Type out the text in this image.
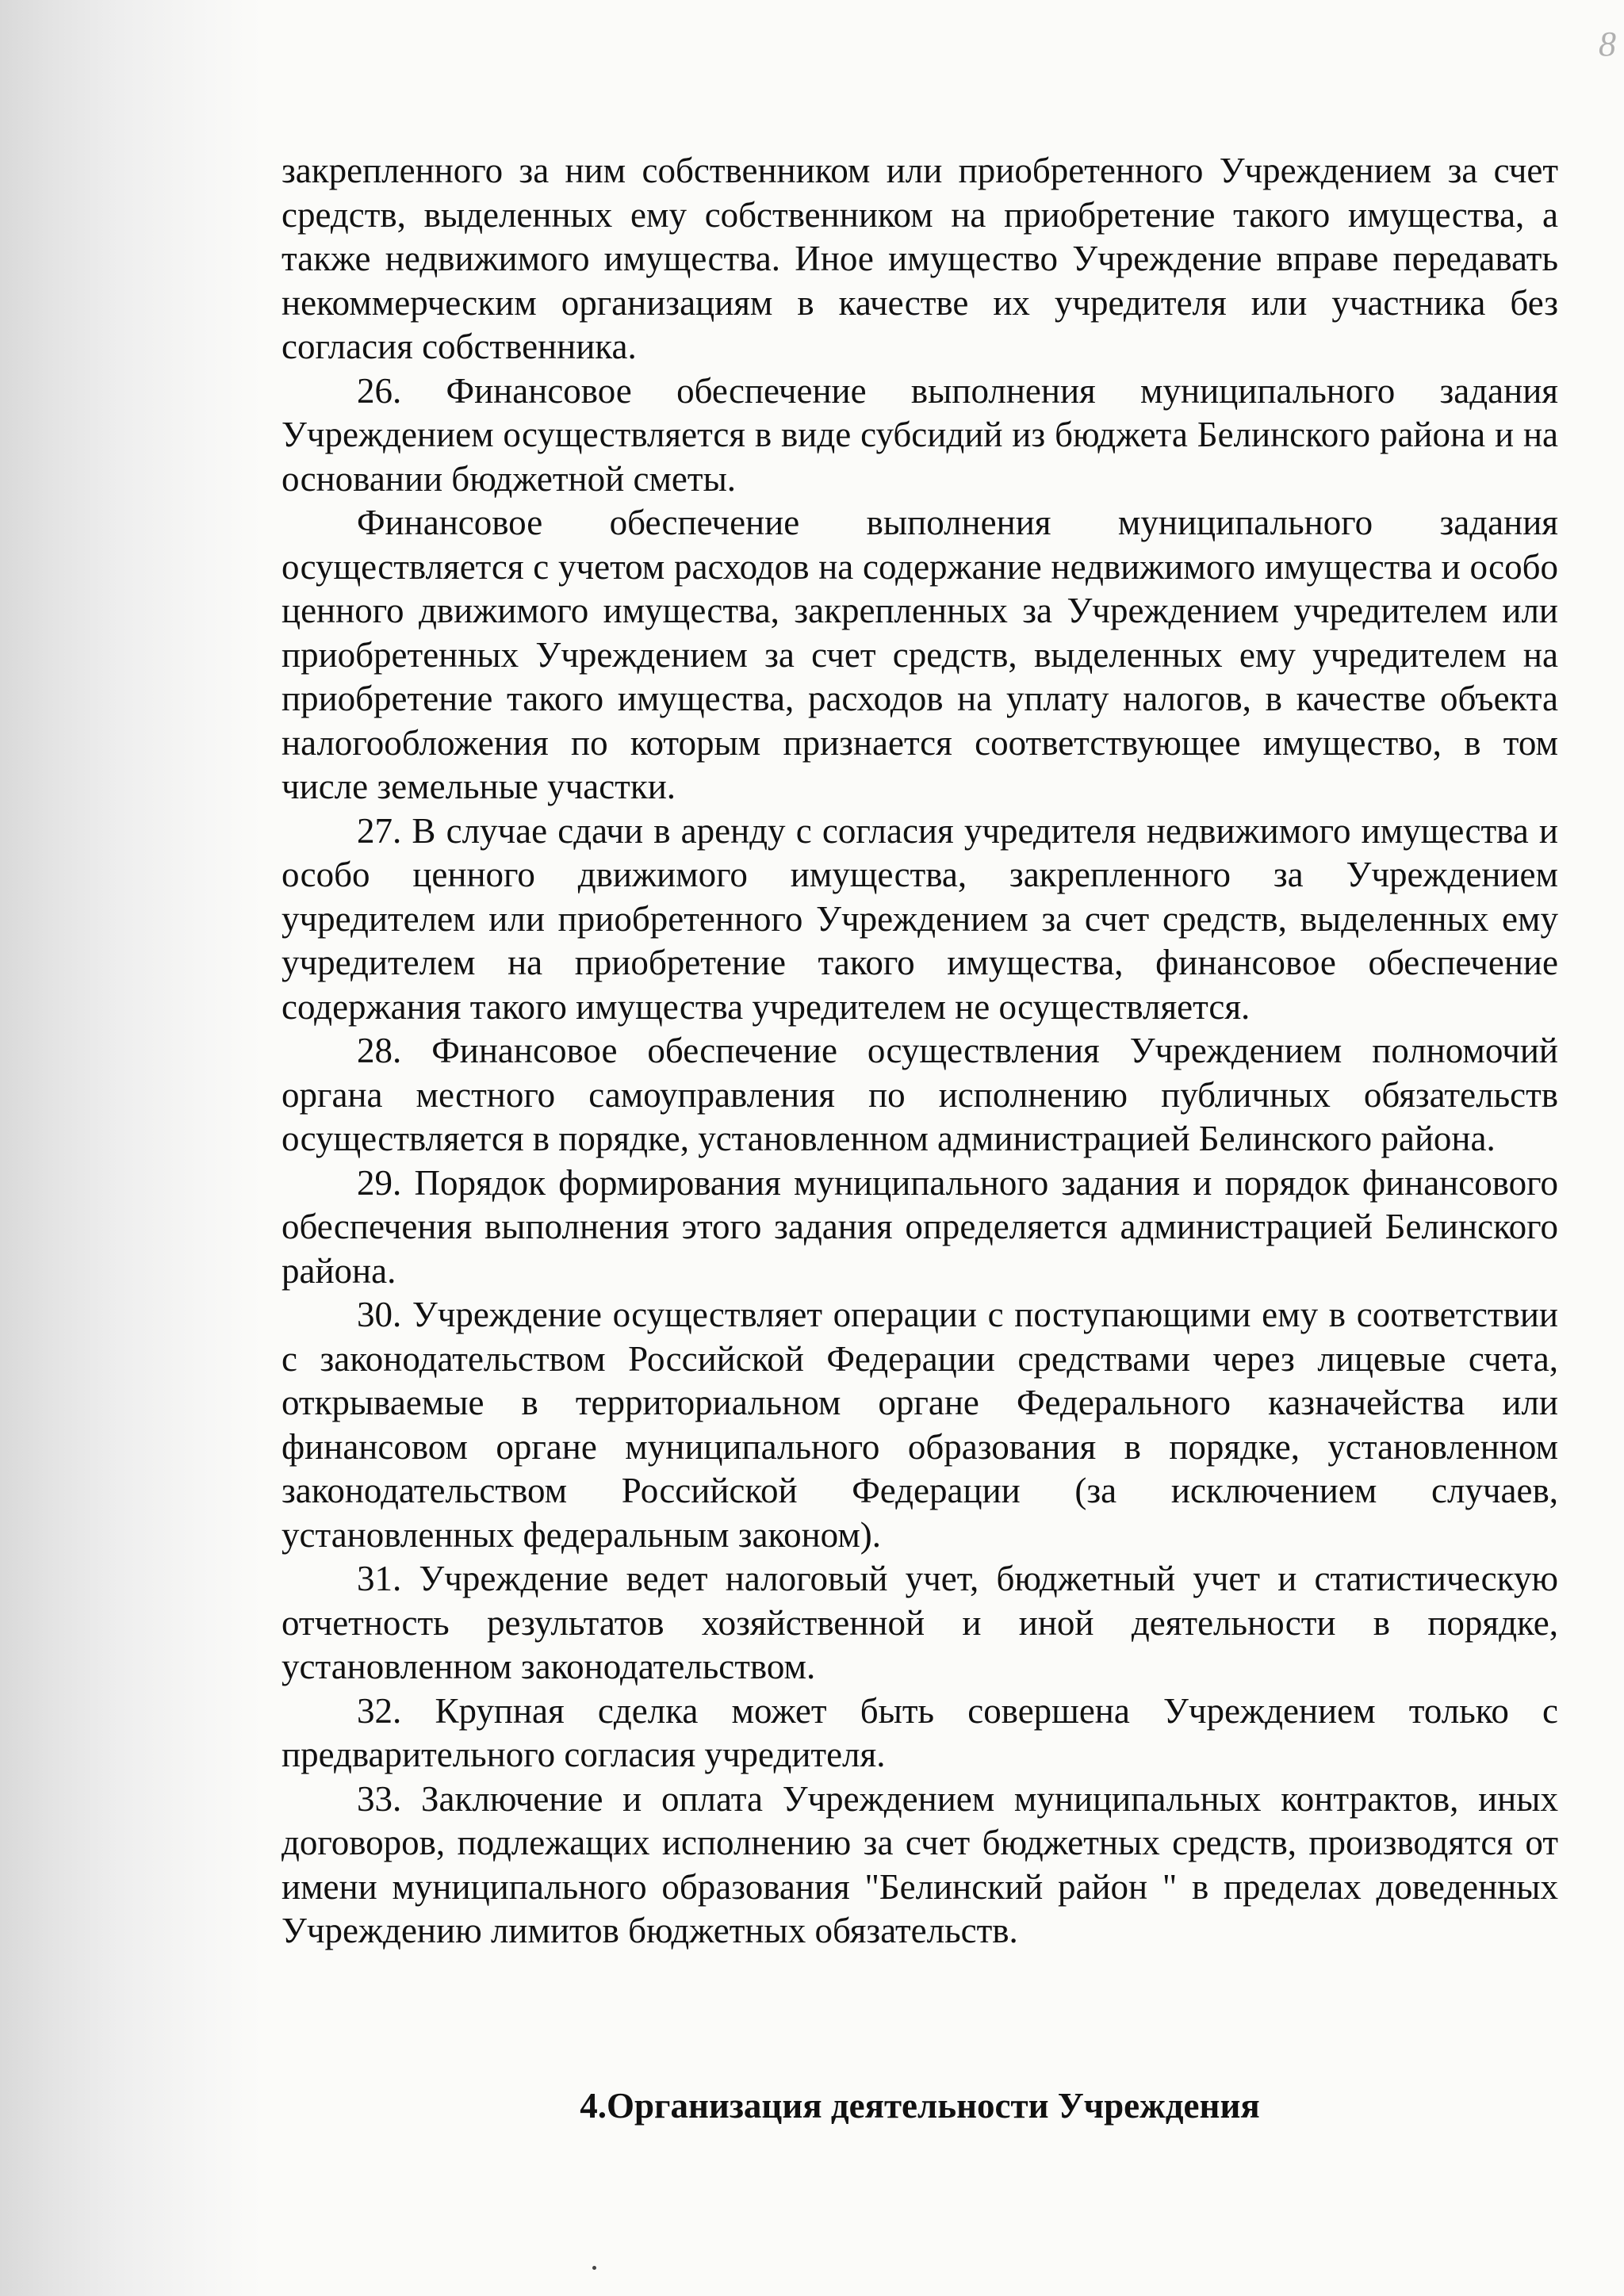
8

закрепленного за ним собственником или приобретенного Учреждением за счет средств, выделенных ему собственником на приобретение такого имущества, а также недвижимого имущества. Иное имущество Учреждение вправе передавать некоммерческим организациям в качестве их учредителя или участника без согласия собственника.

26. Финансовое обеспечение выполнения муниципального задания Учреждением осуществляется в виде субсидий из бюджета Белинского района и на основании бюджетной сметы.

Финансовое обеспечение выполнения муниципального задания осуществляется с учетом расходов на содержание недвижимого имущества и особо ценного движимого имущества, закрепленных за Учреждением учредителем или приобретенных Учреждением за счет средств, выделенных ему учредителем на приобретение такого имущества, расходов на уплату налогов, в качестве объекта налогообложения по которым признается соответствующее имущество, в том числе земельные участки.

27. В случае сдачи в аренду с согласия учредителя недвижимого имущества и особо ценного движимого имущества, закрепленного за Учреждением учредителем или приобретенного Учреждением за счет средств, выделенных ему учредителем на приобретение такого имущества, финансовое обеспечение содержания такого имущества учредителем не осуществляется.

28. Финансовое обеспечение осуществления Учреждением полномочий органа местного самоуправления по исполнению публичных обязательств осуществляется в порядке, установленном администрацией Белинского района.

29. Порядок формирования муниципального задания и порядок финансового обеспечения выполнения этого задания определяется администрацией Белинского района.

30. Учреждение осуществляет операции с поступающими ему в соответствии с законодательством Российской Федерации средствами через лицевые счета, открываемые в территориальном органе Федерального казначейства или финансовом органе муниципального образования в порядке, установленном законодательством Российской Федерации (за исключением случаев, установленных федеральным законом).

31. Учреждение ведет налоговый учет, бюджетный учет и статистическую отчетность результатов хозяйственной и иной деятельности в порядке, установленном законодательством.

32. Крупная сделка может быть совершена Учреждением только с предварительного согласия учредителя.

33. Заключение и оплата Учреждением муниципальных контрактов, иных договоров, подлежащих исполнению за счет бюджетных средств, производятся от имени муниципального образования "Белинский район " в пределах доведенных Учреждению лимитов бюджетных обязательств.

4.Организация деятельности Учреждения
